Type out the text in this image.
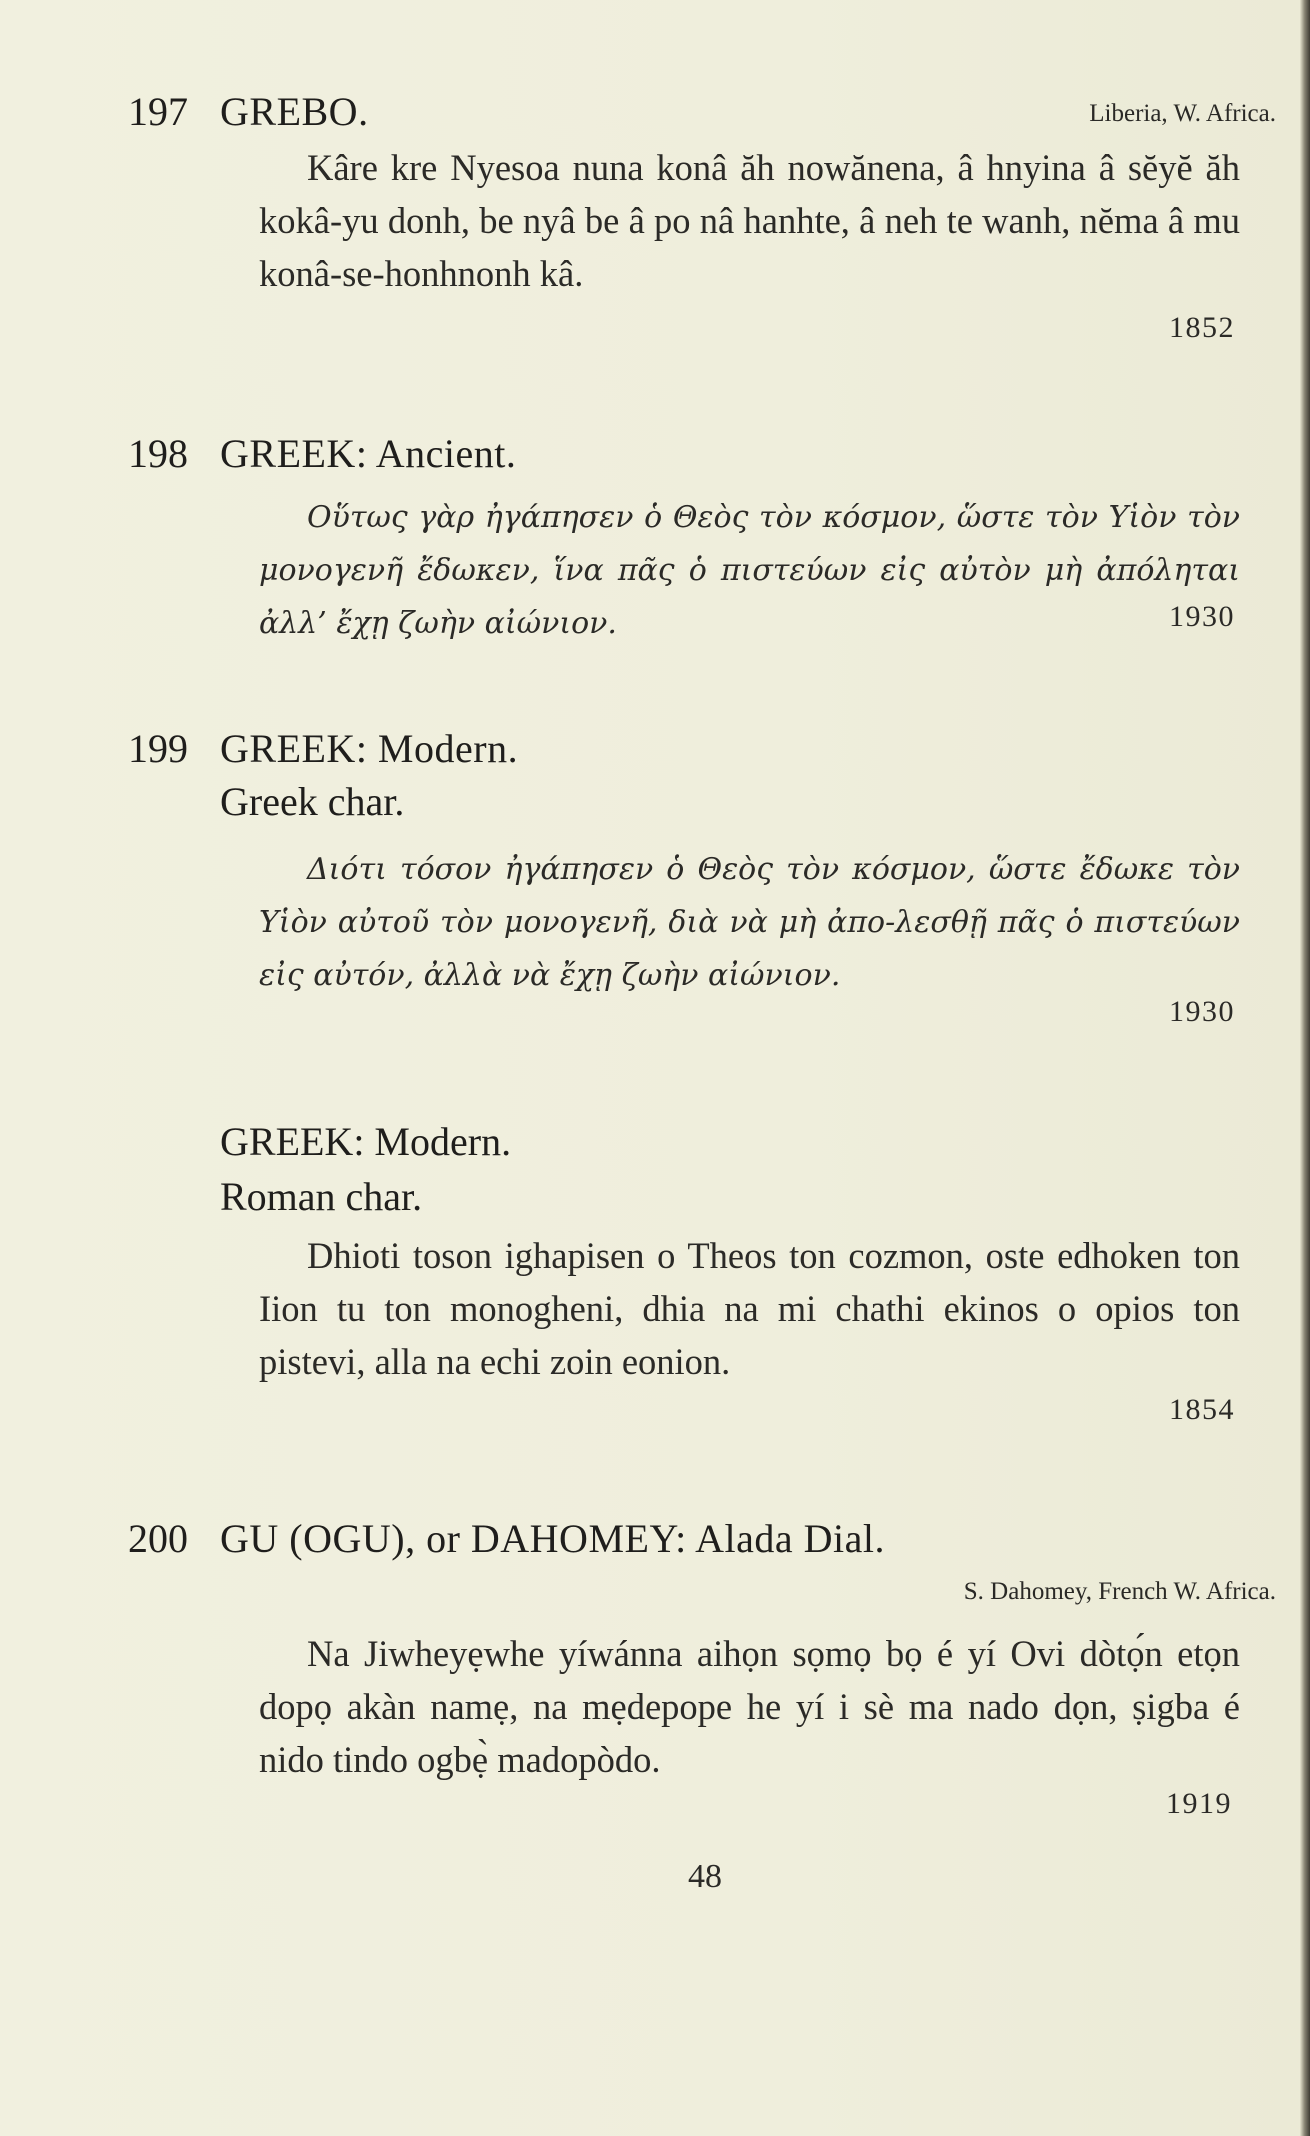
197 GREBO.	Liberia, W. Africa.
Kâre kre Nyesoa nuna konâ ăh nowănena, â hnyina â sĕyĕ ăh kokâ-yu donh, be nyâ be â po nâ hanhte, â neh te wanh, nĕma â mu konâ-se-honhnonh kâ.
1852
198 GREEK: Ancient.
Οὕτως γὰρ ἠγάπησεν ὁ Θεὸς τὸν κόσμον, ὥστε τὸν Υἱὸν τὸν μονογενῆ ἔδωκεν, ἵνα πᾶς ὁ πιστεύων εἰς αὐτὸν μὴ ἀπόληται ἀλλ’ ἔχῃ ζωὴν αἰώνιον.	1930
199 GREEK: Modern.
Greek char.
Διότι τόσον ἠγάπησεν ὁ Θεὸς τὸν κόσμον, ὥστε ἔδωκε τὸν Υἱὸν αὐτοῦ τὸν μονογενῆ, διὰ νὰ μὴ ἀπο-λεσθῇ πᾶς ὁ πιστεύων εἰς αὐτόν, ἀλλὰ νὰ ἔχῃ ζωὴν αἰώνιον.
1930
GREEK: Modern.
Roman char.
Dhioti toson ighapisen o Theos ton cozmon, oste edhoken ton Iion tu ton monogheni, dhia na mi chathi ekinos o opios ton pistevi, alla na echi zoin eonion.
1854
200 GU (OGU), or DAHOMEY: Alada Dial.
S. Dahomey, French W. Africa.
Na Jiwheyẹwhe yíwánna aihọn sọmọ bọ é yí Ovi dòtọ́n etọn dopọ akàn namẹ, na mẹdepope he yí i sè ma nado dọn, ṣigba é nido tindo ogbẹ̀ madopòdo.
1919
48
